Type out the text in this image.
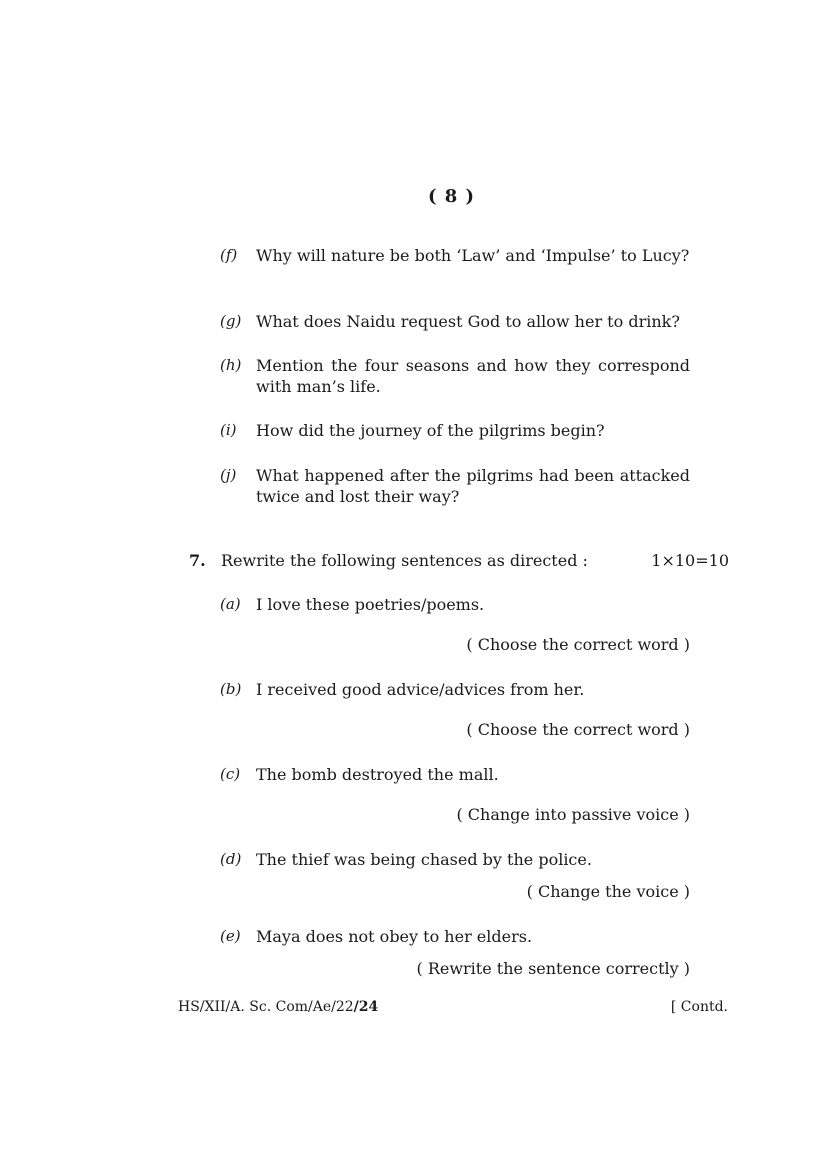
( 8 )
(f) Why will nature be both ‘Law’ and ‘Impulse’ to Lucy?
(g) What does Naidu request God to allow her to drink?
(h) Mention the four seasons and how they correspond with man’s life.
(i) How did the journey of the pilgrims begin?
(j) What happened after the pilgrims had been attacked twice and lost their way?
7. Rewrite the following sentences as directed :	1×10=10
(a) I love these poetries/poems.
( Choose the correct word )
(b) I received good advice/advices from her.
( Choose the correct word )
(c) The bomb destroyed the mall.
( Change into passive voice )
(d) The thief was being chased by the police.
( Change the voice )
(e) Maya does not obey to her elders.
( Rewrite the sentence correctly )
HS/XII/A. Sc. Com/Ae/22/24	[ Contd.
